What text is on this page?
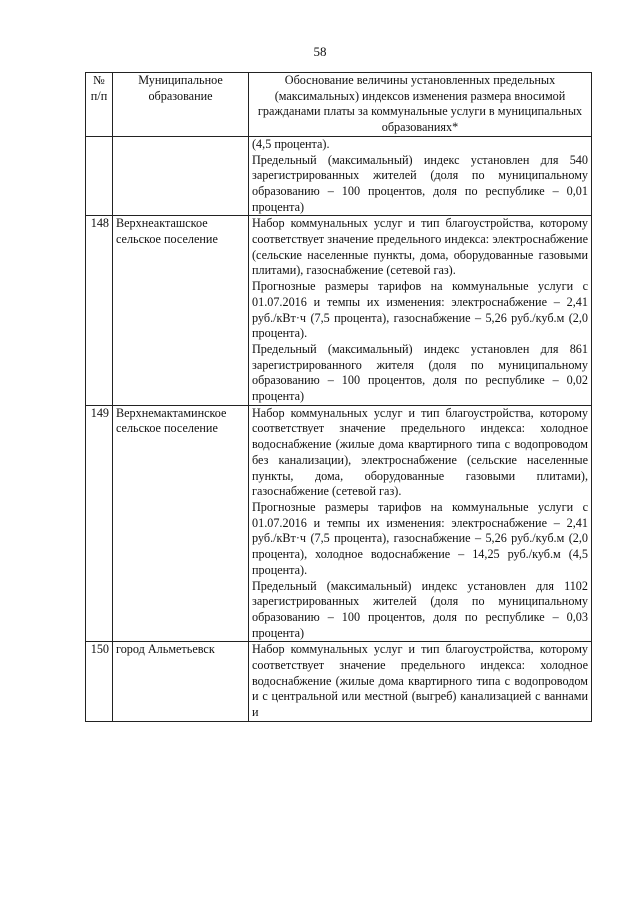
58
№ п/п	Муниципальное образование	Обоснование величины установленных предельных (максимальных) индексов изменения размера вносимой гражданами платы за коммунальные услуги в муниципальных образованиях*

		(4,5 процента).
Предельный (максимальный) индекс установлен для 540 зарегистрированных жителей (доля по муниципальному образованию – 100 процентов, доля по республике – 0,01 процента)

148	Верхнеакташское сельское поселение	Набор коммунальных услуг и тип благоустройства, которому соответствует значение предельного индекса: электроснабжение (сельские населенные пункты, дома, оборудованные газовыми плитами), газоснабжение (сетевой газ).
Прогнозные размеры тарифов на коммунальные услуги с 01.07.2016 и темпы их изменения: электроснабжение – 2,41 руб./кВт·ч (7,5 процента), газоснабжение – 5,26 руб./куб.м (2,0 процента).
Предельный (максимальный) индекс установлен для 861 зарегистрированного жителя (доля по муниципальному образованию – 100 процентов, доля по республике – 0,02 процента)

149	Верхнемактаминское сельское поселение	Набор коммунальных услуг и тип благоустройства, которому соответствует значение предельного индекса: холодное водоснабжение (жилые дома квартирного типа с водопроводом без канализации), электроснабжение (сельские населенные пункты, дома, оборудованные газовыми плитами), газоснабжение (сетевой газ).
Прогнозные размеры тарифов на коммунальные услуги с 01.07.2016 и темпы их изменения: электроснабжение – 2,41 руб./кВт·ч (7,5 процента), газоснабжение – 5,26 руб./куб.м (2,0 процента), холодное водоснабжение – 14,25 руб./куб.м (4,5 процента).
Предельный (максимальный) индекс установлен для 1102 зарегистрированных жителей (доля по муниципальному образованию – 100 процентов, доля по республике – 0,03 процента)

150	город Альметьевск	Набор коммунальных услуг и тип благоустройства, которому соответствует значение предельного индекса: холодное водоснабжение (жилые дома квартирного типа с водопроводом и с центральной или местной (выгреб) канализацией с ваннами и
